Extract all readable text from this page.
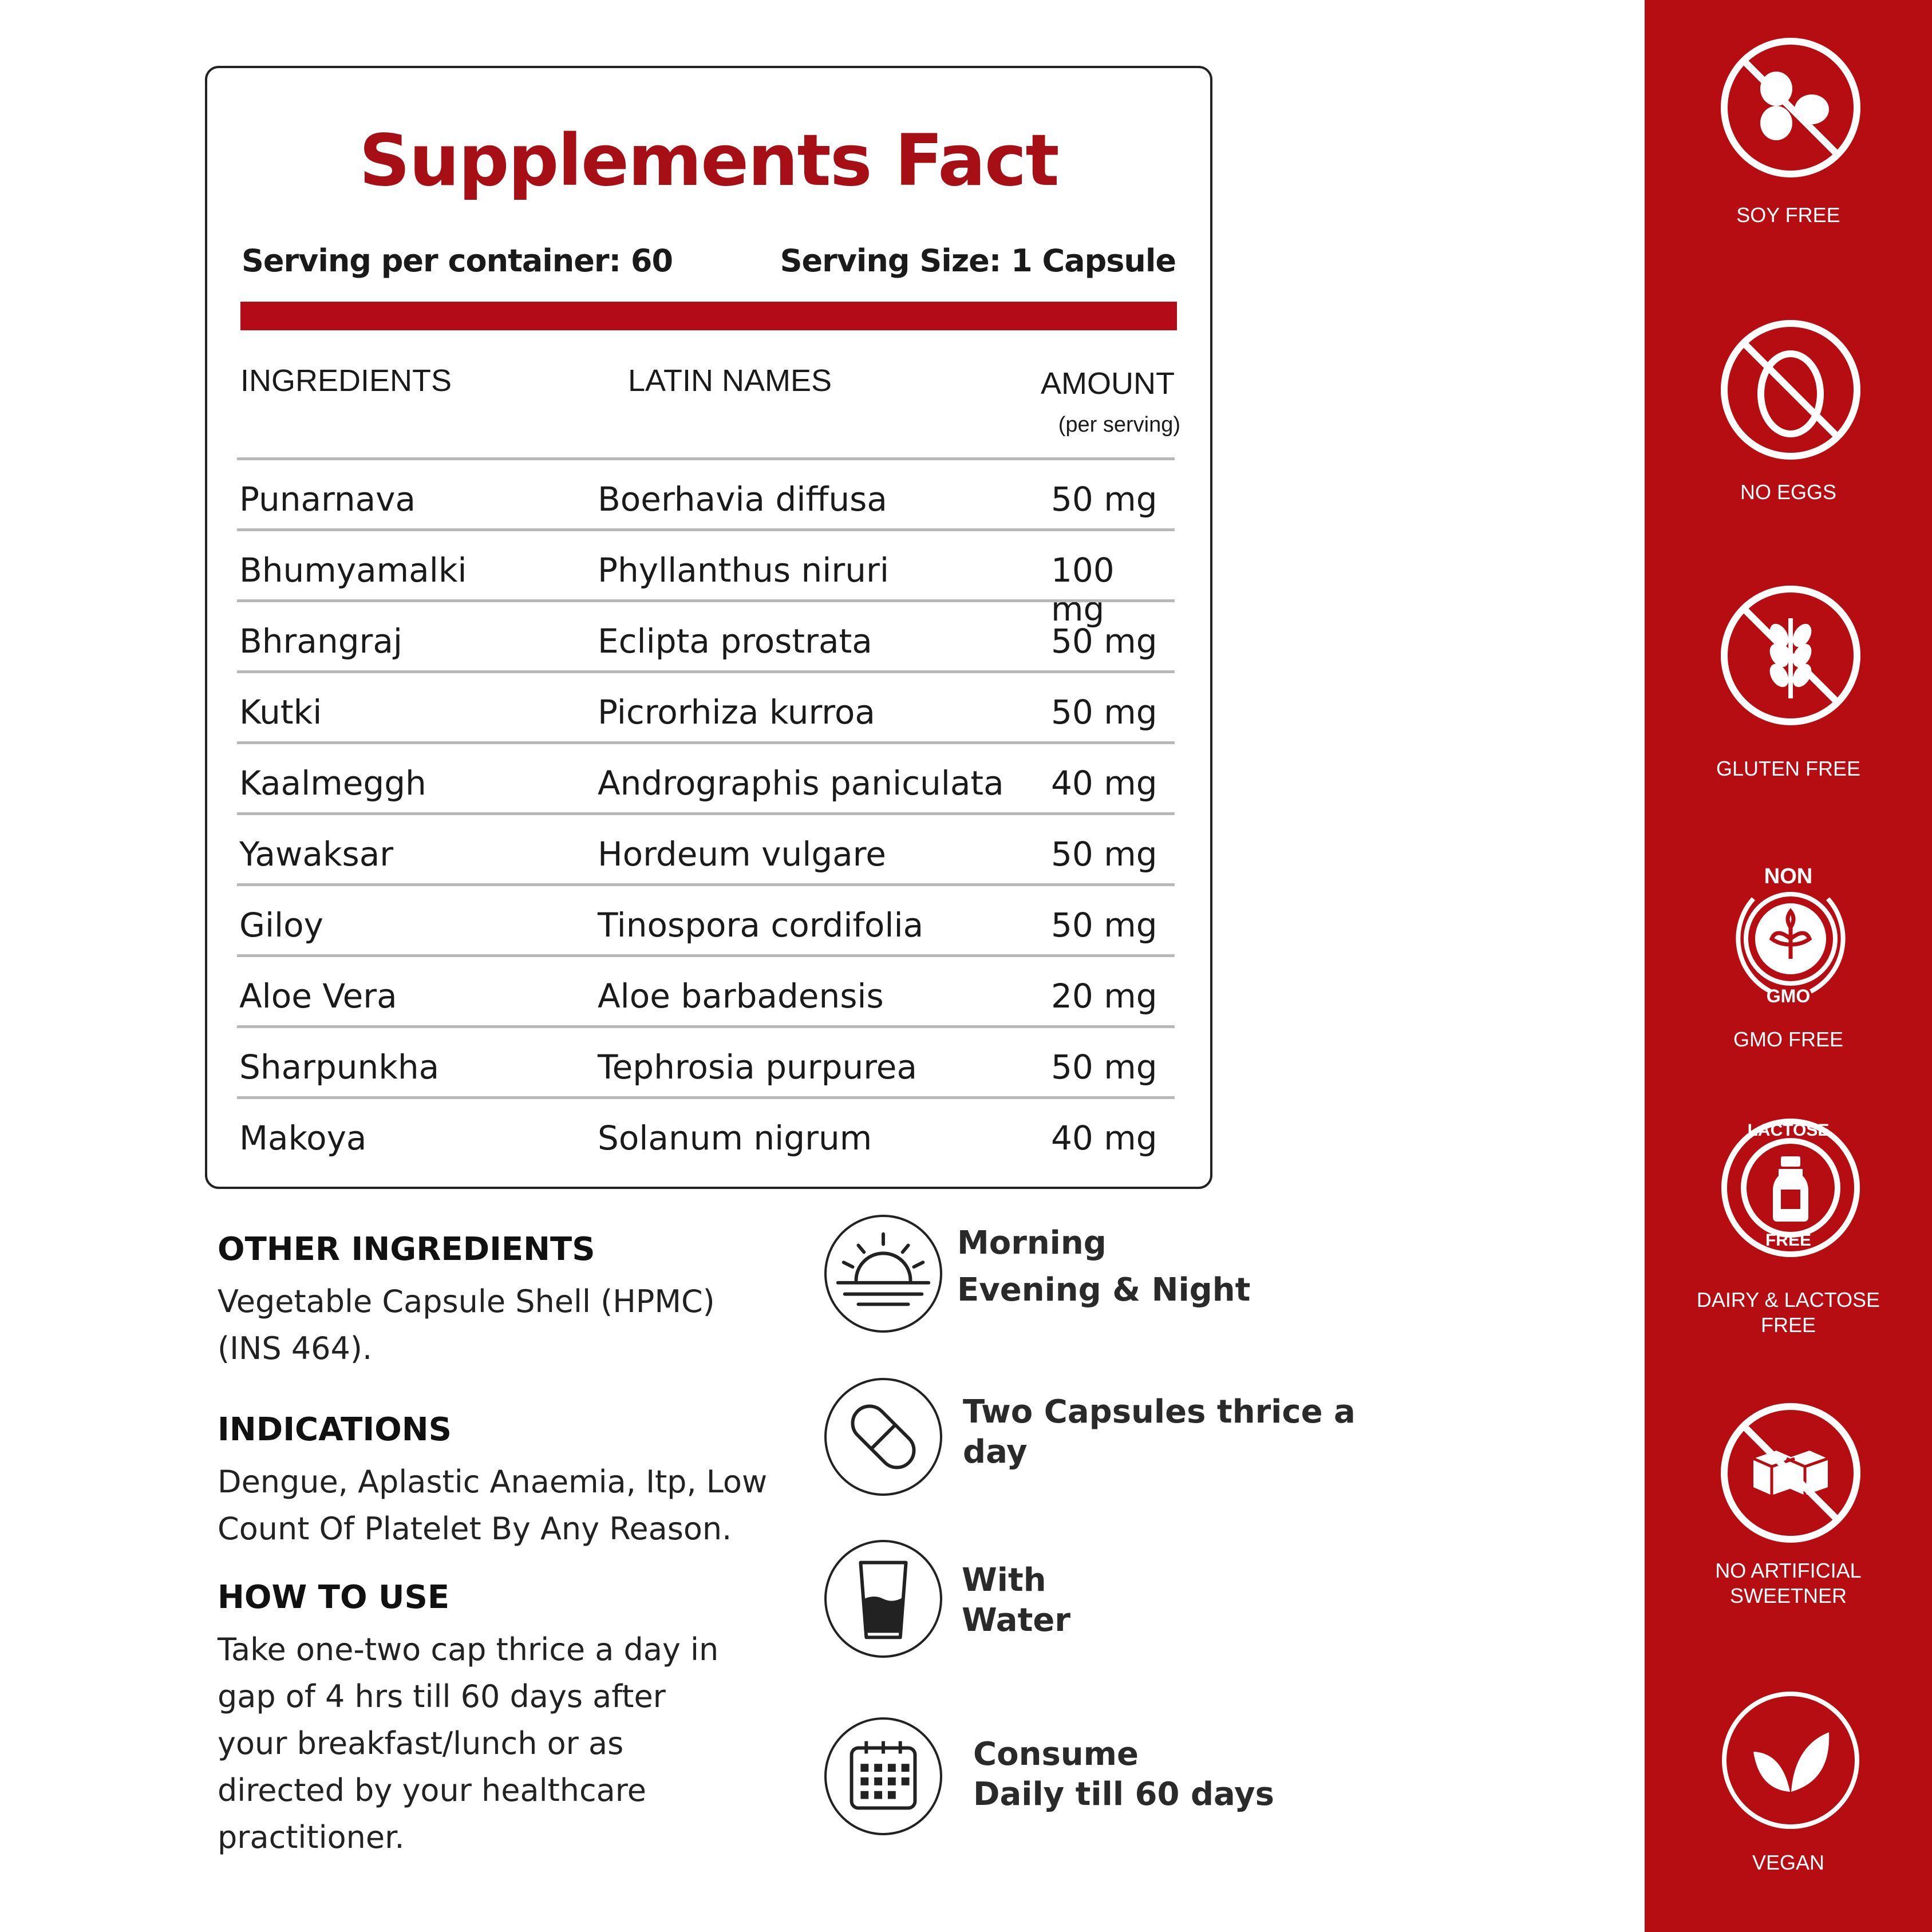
Supplements Fact
Serving per container: 60	Serving Size: 1 Capsule
INGREDIENTS	LATIN NAMES	AMOUNT
(per serving)
Punarnava	Boerhavia diffusa	50 mg
Bhumyamalki	Phyllanthus niruri	100 mg
Bhrangraj	Eclipta prostrata	50 mg
Kutki	Picrorhiza kurroa	50 mg
Kaalmeggh	Andrographis paniculata 40 mg
Yawaksar	Hordeum vulgare	50 mg
Giloy	Tinospora cordifolia	50 mg
Aloe Vera	Aloe barbadensis	20 mg
Sharpunkha	Tephrosia purpurea	50 mg
Makoya	Solanum nigrum	40 mg
OTHER INGREDIENTS

Vegetable Capsule Shell (HPMC) (INS 464).

INDICATIONS

Dengue, Aplastic Anaemia, Itp, Low Count Of Platelet By Any Reason.

HOW TO USE

Take one-two cap thrice a day in gap of 4 hrs till 60 days after your breakfast/lunch or as directed by your healthcare practitioner.

Morning
Evening & Night
Two Capsules thrice a
day
With
Water
Consume
Daily till 60 days
SOY FREE
NO EGGS
GLUTEN FREE
NON
GMO
GMO FREE
LACTOSE
FREE
DAIRY & LACTOSE
FREE
NO ARTIFICIAL
SWEETNER
VEGAN
